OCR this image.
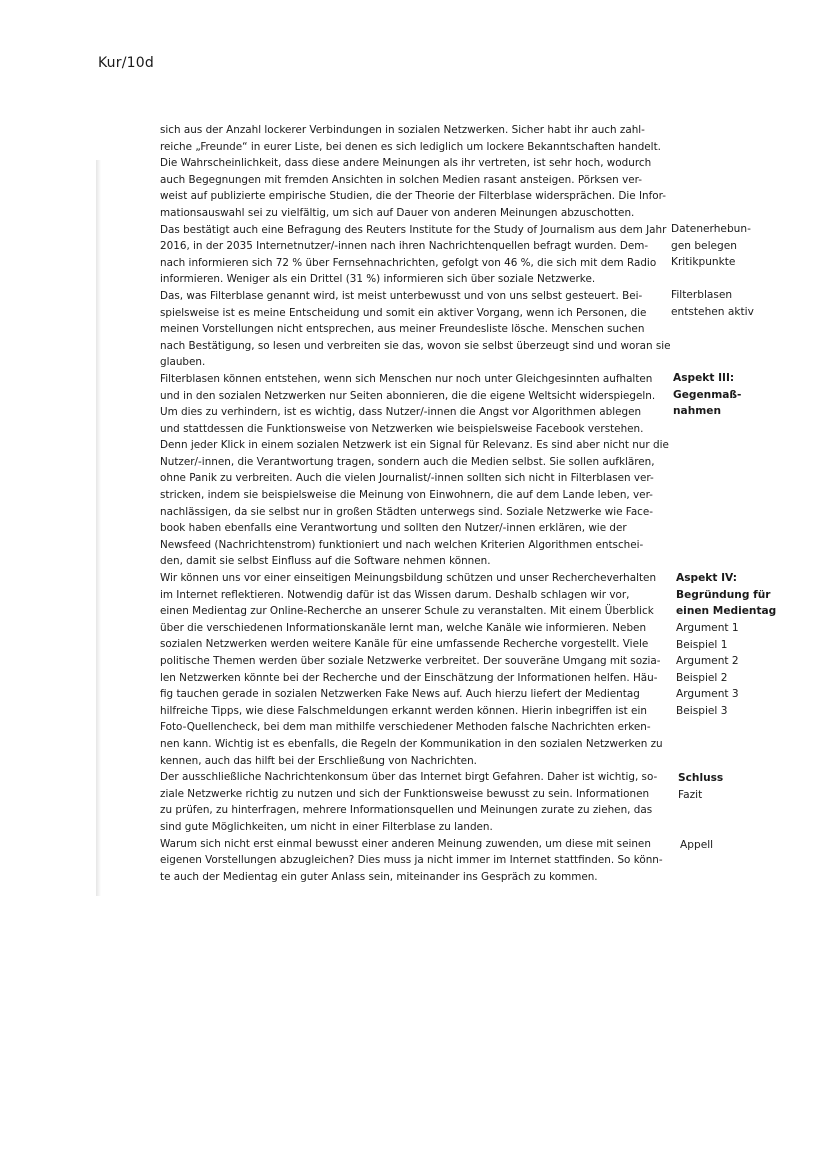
Kur/10d

sich aus der Anzahl lockerer Verbindungen in sozialen Netzwerken. Sicher habt ihr auch zahl-
reiche „Freunde“ in eurer Liste, bei denen es sich lediglich um lockere Bekanntschaften handelt.
Die Wahrscheinlichkeit, dass diese andere Meinungen als ihr vertreten, ist sehr hoch, wodurch
auch Begegnungen mit fremden Ansichten in solchen Medien rasant ansteigen. Pörksen ver-
weist auf publizierte empirische Studien, die der Theorie der Filterblase widersprächen. Die Infor-
mationsauswahl sei zu vielfältig, um sich auf Dauer von anderen Meinungen abzuschotten.

Das bestätigt auch eine Befragung des Reuters Institute for the Study of Journalism aus dem Jahr
2016, in der 2035 Internetnutzer/-innen nach ihren Nachrichtenquellen befragt wurden. Dem-
nach informieren sich 72 % über Fernsehnachrichten, gefolgt von 46 %, die sich mit dem Radio
informieren. Weniger als ein Drittel (31 %) informieren sich über soziale Netzwerke.

Das, was Filterblase genannt wird, ist meist unterbewusst und von uns selbst gesteuert. Bei-
spielsweise ist es meine Entscheidung und somit ein aktiver Vorgang, wenn ich Personen, die
meinen Vorstellungen nicht entsprechen, aus meiner Freundesliste lösche. Menschen suchen
nach Bestätigung, so lesen und verbreiten sie das, wovon sie selbst überzeugt sind und woran sie
glauben.

Filterblasen können entstehen, wenn sich Menschen nur noch unter Gleichgesinnten aufhalten
und in den sozialen Netzwerken nur Seiten abonnieren, die die eigene Weltsicht widerspiegeln.
Um dies zu verhindern, ist es wichtig, dass Nutzer/-innen die Angst vor Algorithmen ablegen
und stattdessen die Funktionsweise von Netzwerken wie beispielsweise Facebook verstehen.
Denn jeder Klick in einem sozialen Netzwerk ist ein Signal für Relevanz. Es sind aber nicht nur die
Nutzer/-innen, die Verantwortung tragen, sondern auch die Medien selbst. Sie sollen aufklären,
ohne Panik zu verbreiten. Auch die vielen Journalist/-innen sollten sich nicht in Filterblasen ver-
stricken, indem sie beispielsweise die Meinung von Einwohnern, die auf dem Lande leben, ver-
nachlässigen, da sie selbst nur in großen Städten unterwegs sind. Soziale Netzwerke wie Face-
book haben ebenfalls eine Verantwortung und sollten den Nutzer/-innen erklären, wie der
Newsfeed (Nachrichtenstrom) funktioniert und nach welchen Kriterien Algorithmen entschei-
den, damit sie selbst Einfluss auf die Software nehmen können.

Wir können uns vor einer einseitigen Meinungsbildung schützen und unser Rechercheverhalten
im Internet reflektieren. Notwendig dafür ist das Wissen darum. Deshalb schlagen wir vor,
einen Medientag zur Online-Recherche an unserer Schule zu veranstalten. Mit einem Überblick
über die verschiedenen Informationskanäle lernt man, welche Kanäle wie informieren. Neben
sozialen Netzwerken werden weitere Kanäle für eine umfassende Recherche vorgestellt. Viele
politische Themen werden über soziale Netzwerke verbreitet. Der souveräne Umgang mit sozia-
len Netzwerken könnte bei der Recherche und der Einschätzung der Informationen helfen. Häu-
fig tauchen gerade in sozialen Netzwerken Fake News auf. Auch hierzu liefert der Medientag
hilfreiche Tipps, wie diese Falschmeldungen erkannt werden können. Hierin inbegriffen ist ein
Foto-Quellencheck, bei dem man mithilfe verschiedener Methoden falsche Nachrichten erken-
nen kann. Wichtig ist es ebenfalls, die Regeln der Kommunikation in den sozialen Netzwerken zu
kennen, auch das hilft bei der Erschließung von Nachrichten.

Der ausschließliche Nachrichtenkonsum über das Internet birgt Gefahren. Daher ist wichtig, so-
ziale Netzwerke richtig zu nutzen und sich der Funktionsweise bewusst zu sein. Informationen
zu prüfen, zu hinterfragen, mehrere Informationsquellen und Meinungen zurate zu ziehen, das
sind gute Möglichkeiten, um nicht in einer Filterblase zu landen.

Warum sich nicht erst einmal bewusst einer anderen Meinung zuwenden, um diese mit seinen
eigenen Vorstellungen abzugleichen? Dies muss ja nicht immer im Internet stattfinden. So könn-
te auch der Medientag ein guter Anlass sein, miteinander ins Gespräch zu kommen.

Datenerhebun-
gen belegen
Kritikpunkte
Filterblasen
entstehen aktiv
Aspekt III:
Gegenmaß-
nahmen
Aspekt IV:
Begründung für
einen Medientag
Argument 1
Beispiel 1
Argument 2
Beispiel 2
Argument 3
Beispiel 3
Schluss
Fazit
Appell
